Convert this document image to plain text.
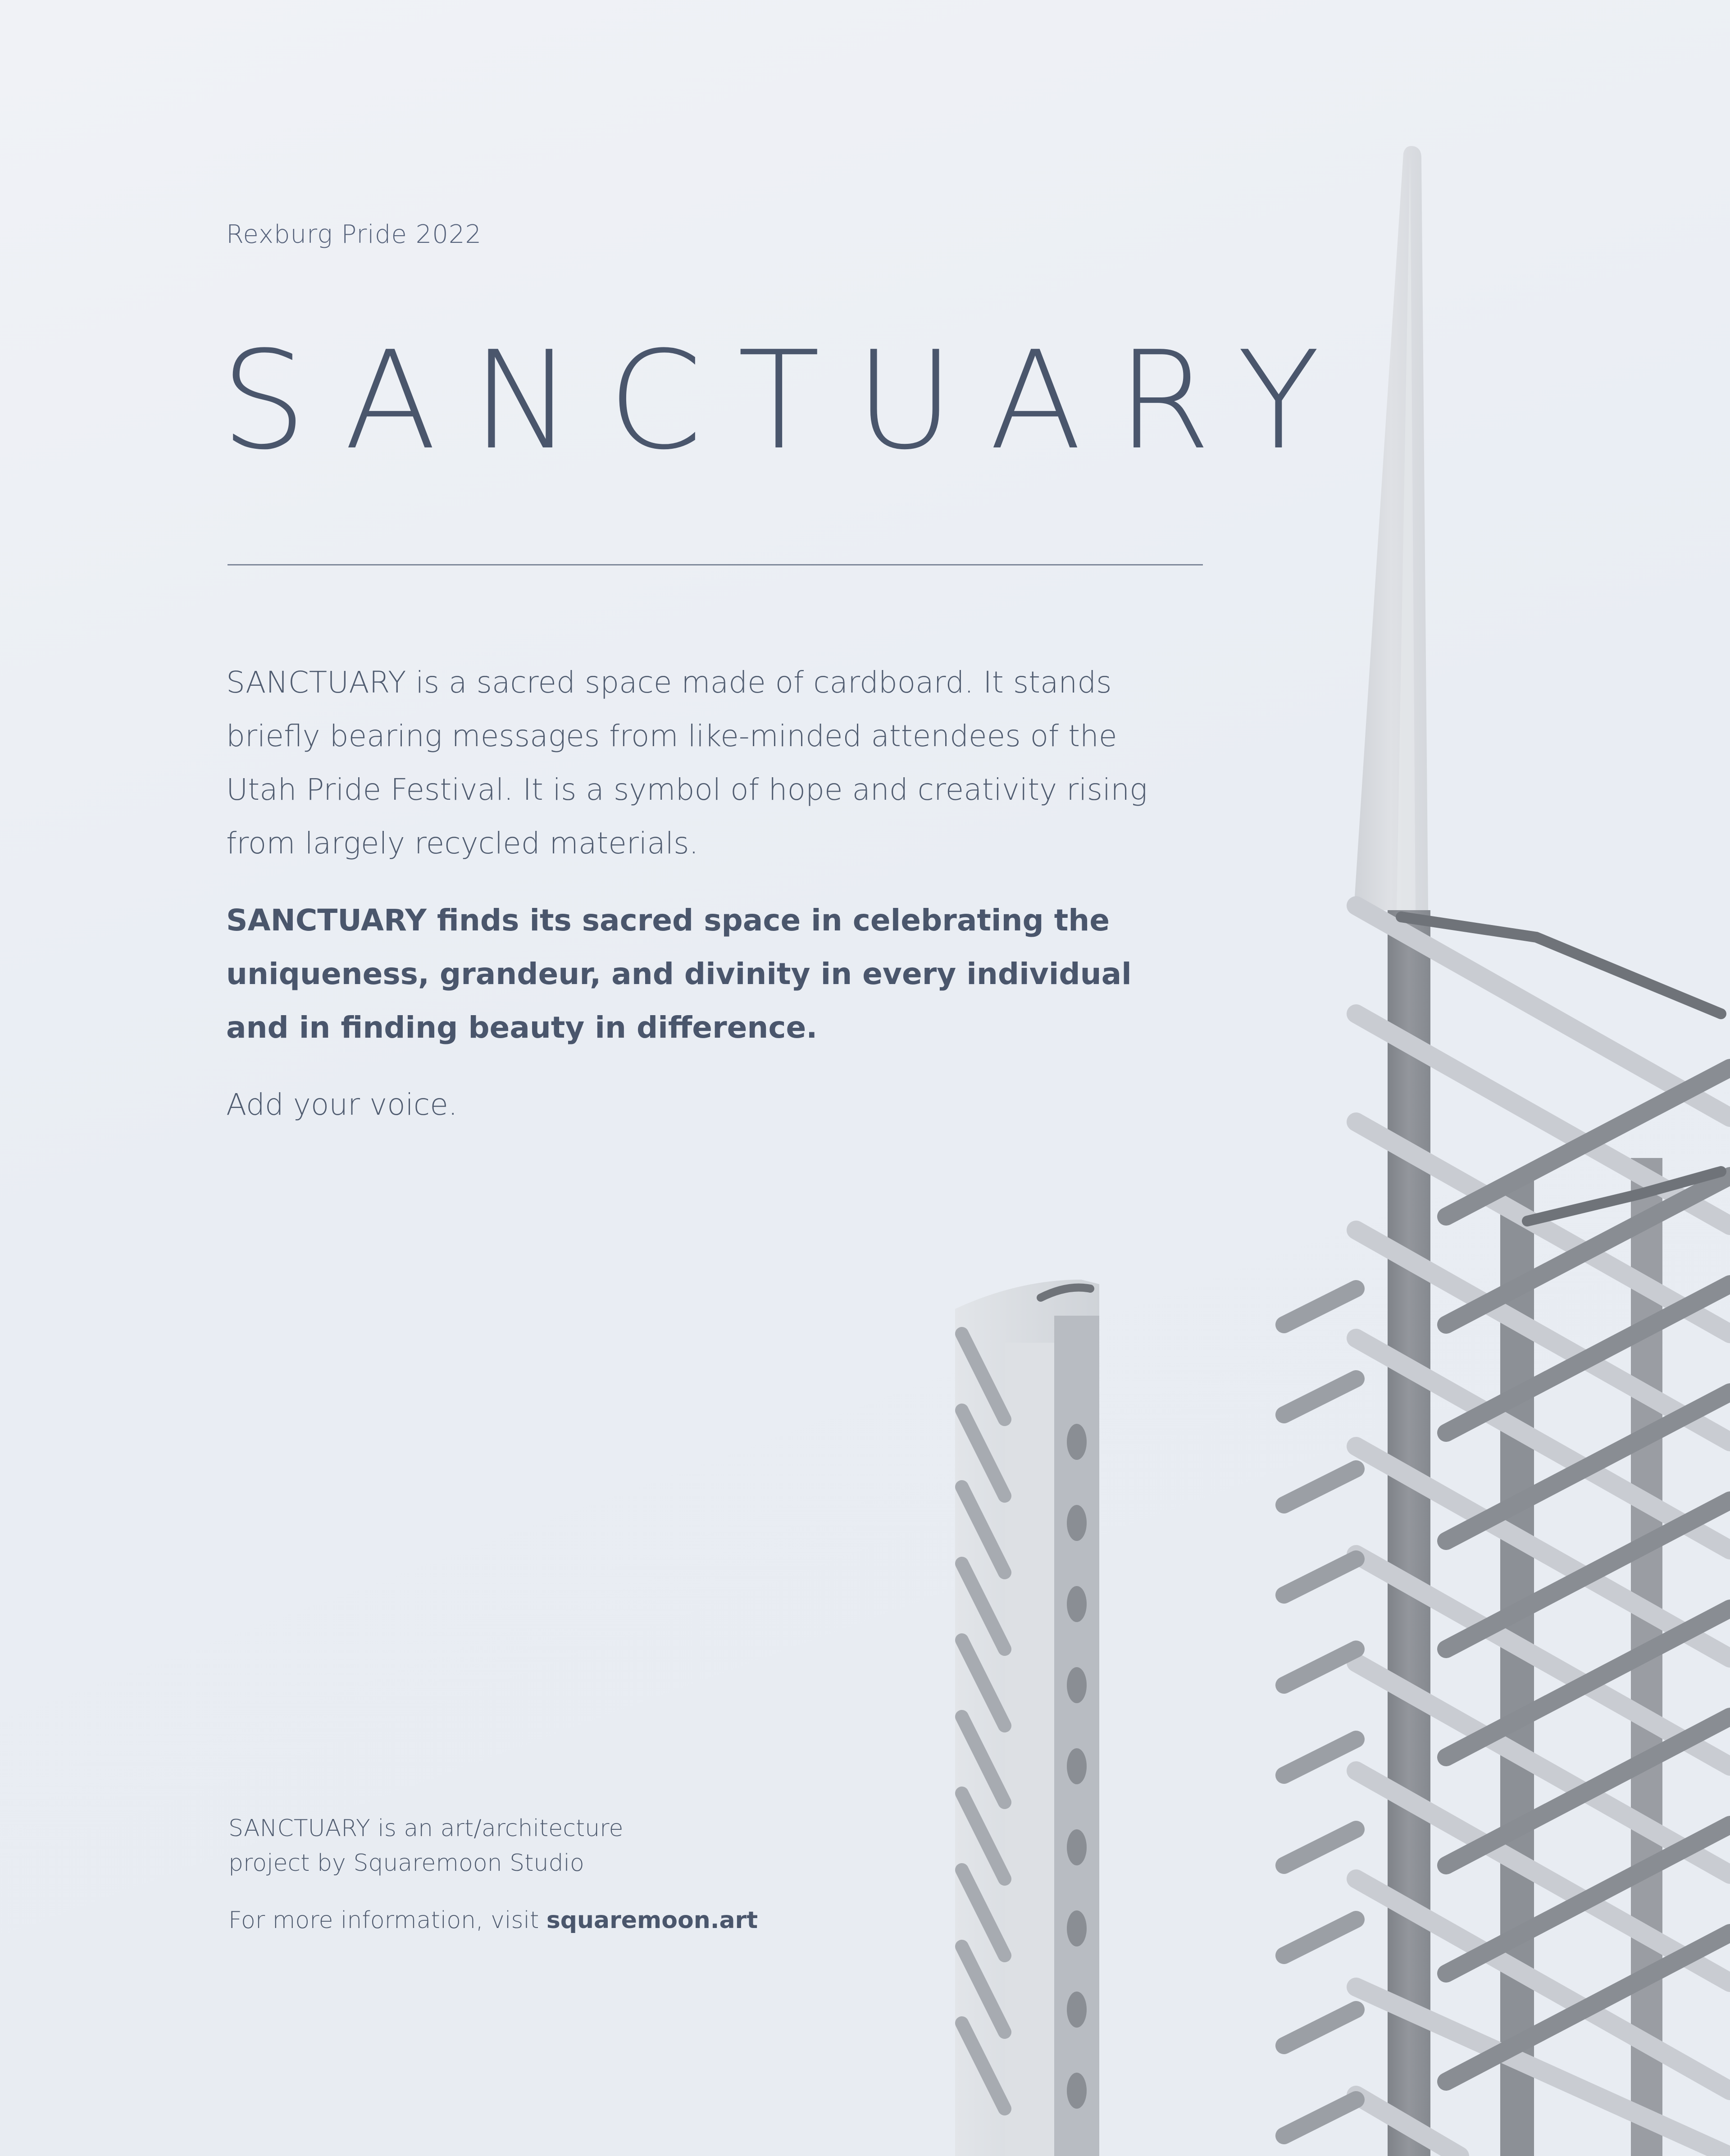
Rexburg Pride 2022
SANCTUARY

SANCTUARY is a sacred space made of cardboard. It stands briefly bearing messages from like-minded attendees of the Utah Pride Festival. It is a symbol of hope and creativity rising from largely recycled materials.

SANCTUARY finds its sacred space in celebrating the uniqueness, grandeur, and divinity in every individual and in finding beauty in difference.

Add your voice.

SANCTUARY is an art/architecture
project by Squaremoon Studio
For more information, visit squaremoon.art
